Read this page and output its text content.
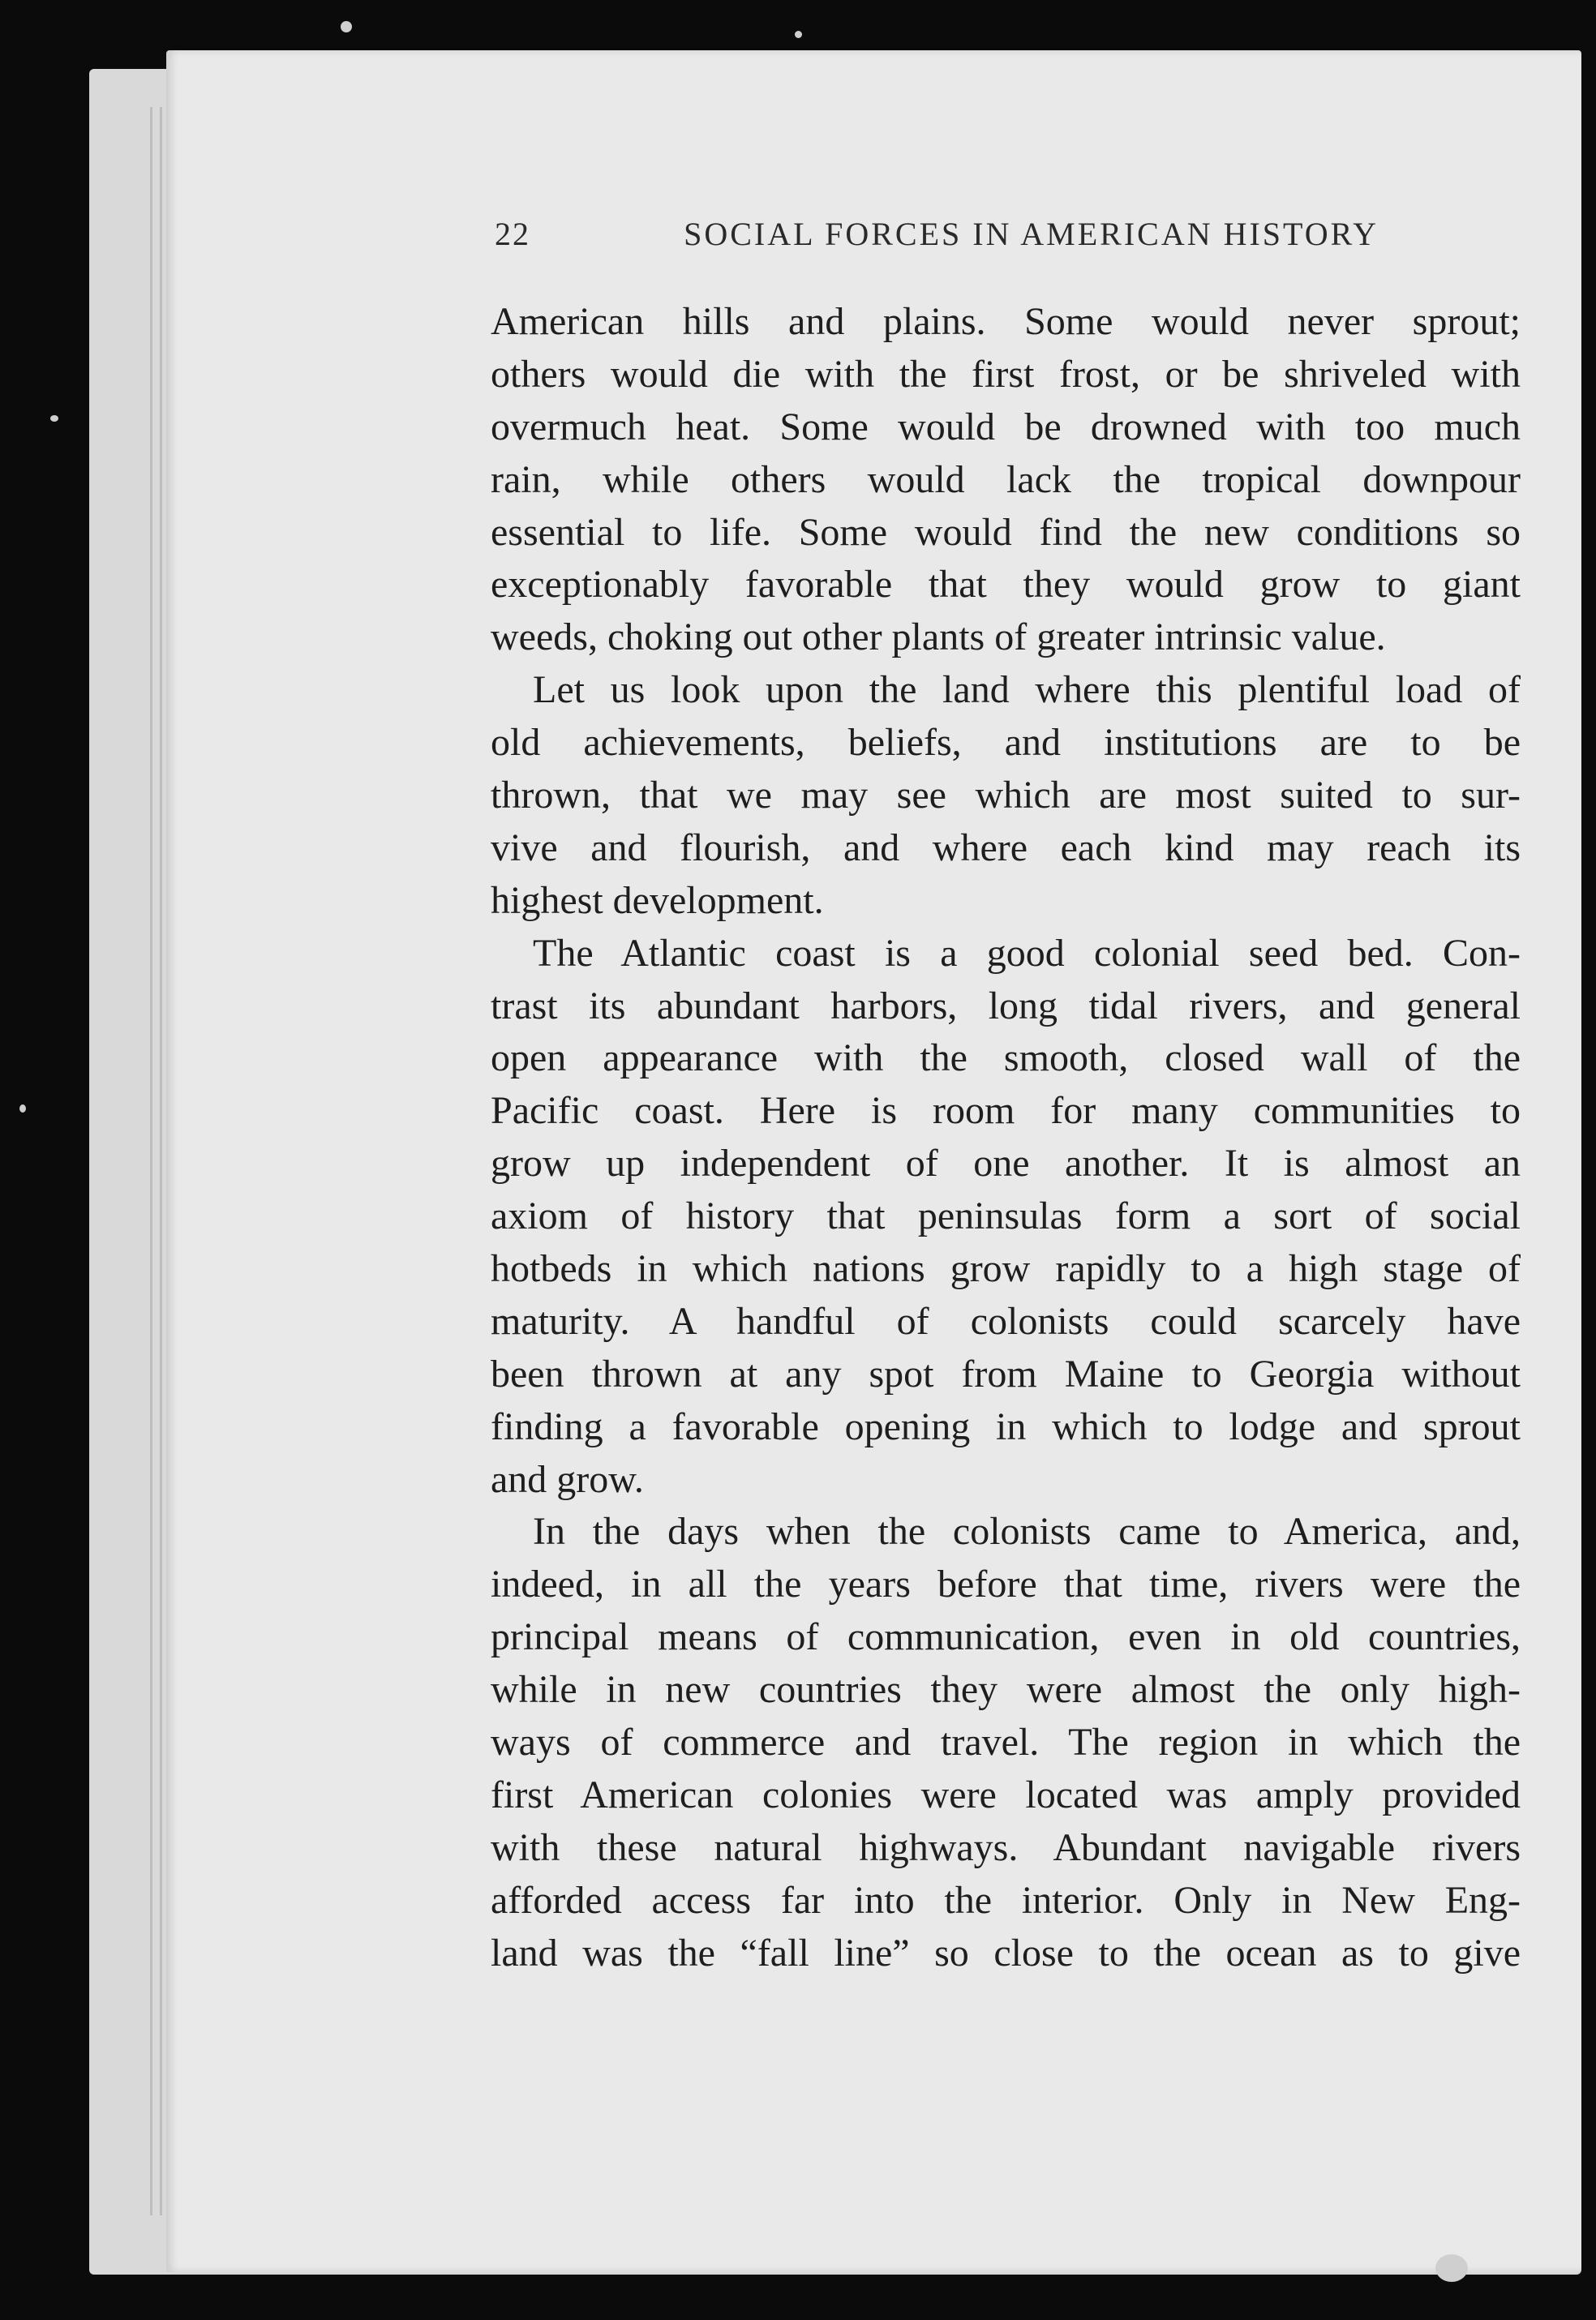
22	SOCIAL FORCES IN AMERICAN HISTORY
American hills and plains. Some would never sprout;
others would die with the first frost, or be shriveled with
overmuch heat. Some would be drowned with too much
rain, while others would lack the tropical downpour
essential to life. Some would find the new conditions so
exceptionably favorable that they would grow to giant
weeds, choking out other plants of greater intrinsic value.
Let us look upon the land where this plentiful load of
old achievements, beliefs, and institutions are to be
thrown, that we may see which are most suited to sur-
vive and flourish, and where each kind may reach its
highest development.
The Atlantic coast is a good colonial seed bed. Con-
trast its abundant harbors, long tidal rivers, and general
open appearance with the smooth, closed wall of the
Pacific coast. Here is room for many communities to
grow up independent of one another. It is almost an
axiom of history that peninsulas form a sort of social
hotbeds in which nations grow rapidly to a high stage of
maturity. A handful of colonists could scarcely have
been thrown at any spot from Maine to Georgia without
finding a favorable opening in which to lodge and sprout
and grow.
In the days when the colonists came to America, and,
indeed, in all the years before that time, rivers were the
principal means of communication, even in old countries,
while in new countries they were almost the only high-
ways of commerce and travel. The region in which the
first American colonies were located was amply provided
with these natural highways. Abundant navigable rivers
afforded access far into the interior. Only in New Eng-
land was the “fall line” so close to the ocean as to give
